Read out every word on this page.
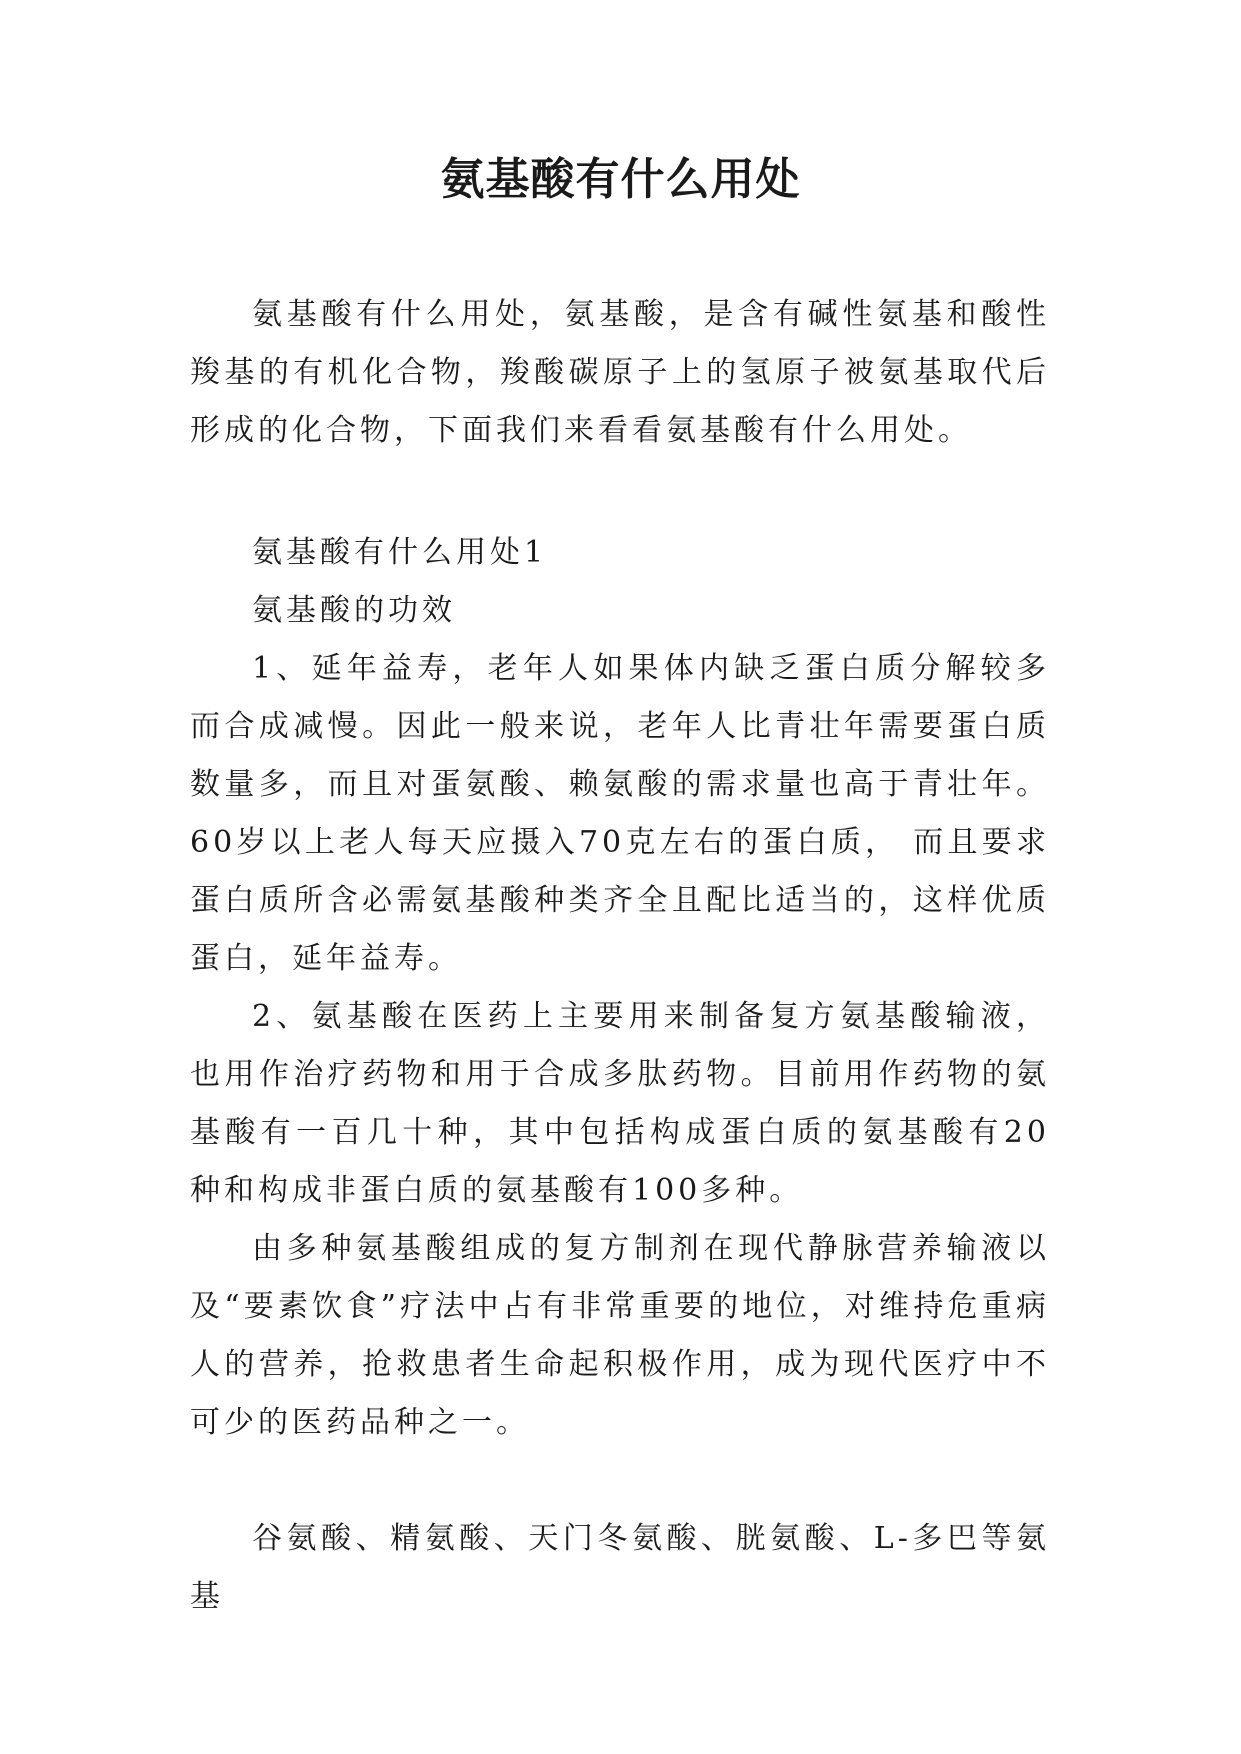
氨基酸有什么用处

氨基酸有什么用处，氨基酸，是含有碱性氨基和酸性羧基的有机化合物，羧酸碳原子上的氢原子被氨基取代后形成的化合物，下面我们来看看氨基酸有什么用处。

氨基酸有什么用处1

氨基酸的功效

1、延年益寿，老年人如果体内缺乏蛋白质分解较多而合成减慢。因此一般来说，老年人比青壮年需要蛋白质数量多，而且对蛋氨酸、赖氨酸的需求量也高于青壮年。60岁以上老人每天应摄入70克左右的蛋白质， 而且要求蛋白质所含必需氨基酸种类齐全且配比适当的，这样优质蛋白，延年益寿。

2、氨基酸在医药上主要用来制备复方氨基酸输液，也用作治疗药物和用于合成多肽药物。目前用作药物的氨基酸有一百几十种，其中包括构成蛋白质的氨基酸有20种和构成非蛋白质的氨基酸有100多种。

由多种氨基酸组成的复方制剂在现代静脉营养输液以及“要素饮食”疗法中占有非常重要的地位，对维持危重病人的营养，抢救患者生命起积极作用，成为现代医疗中不可少的医药品种之一。

谷氨酸、精氨酸、天门冬氨酸、胱氨酸、L-多巴等氨基
